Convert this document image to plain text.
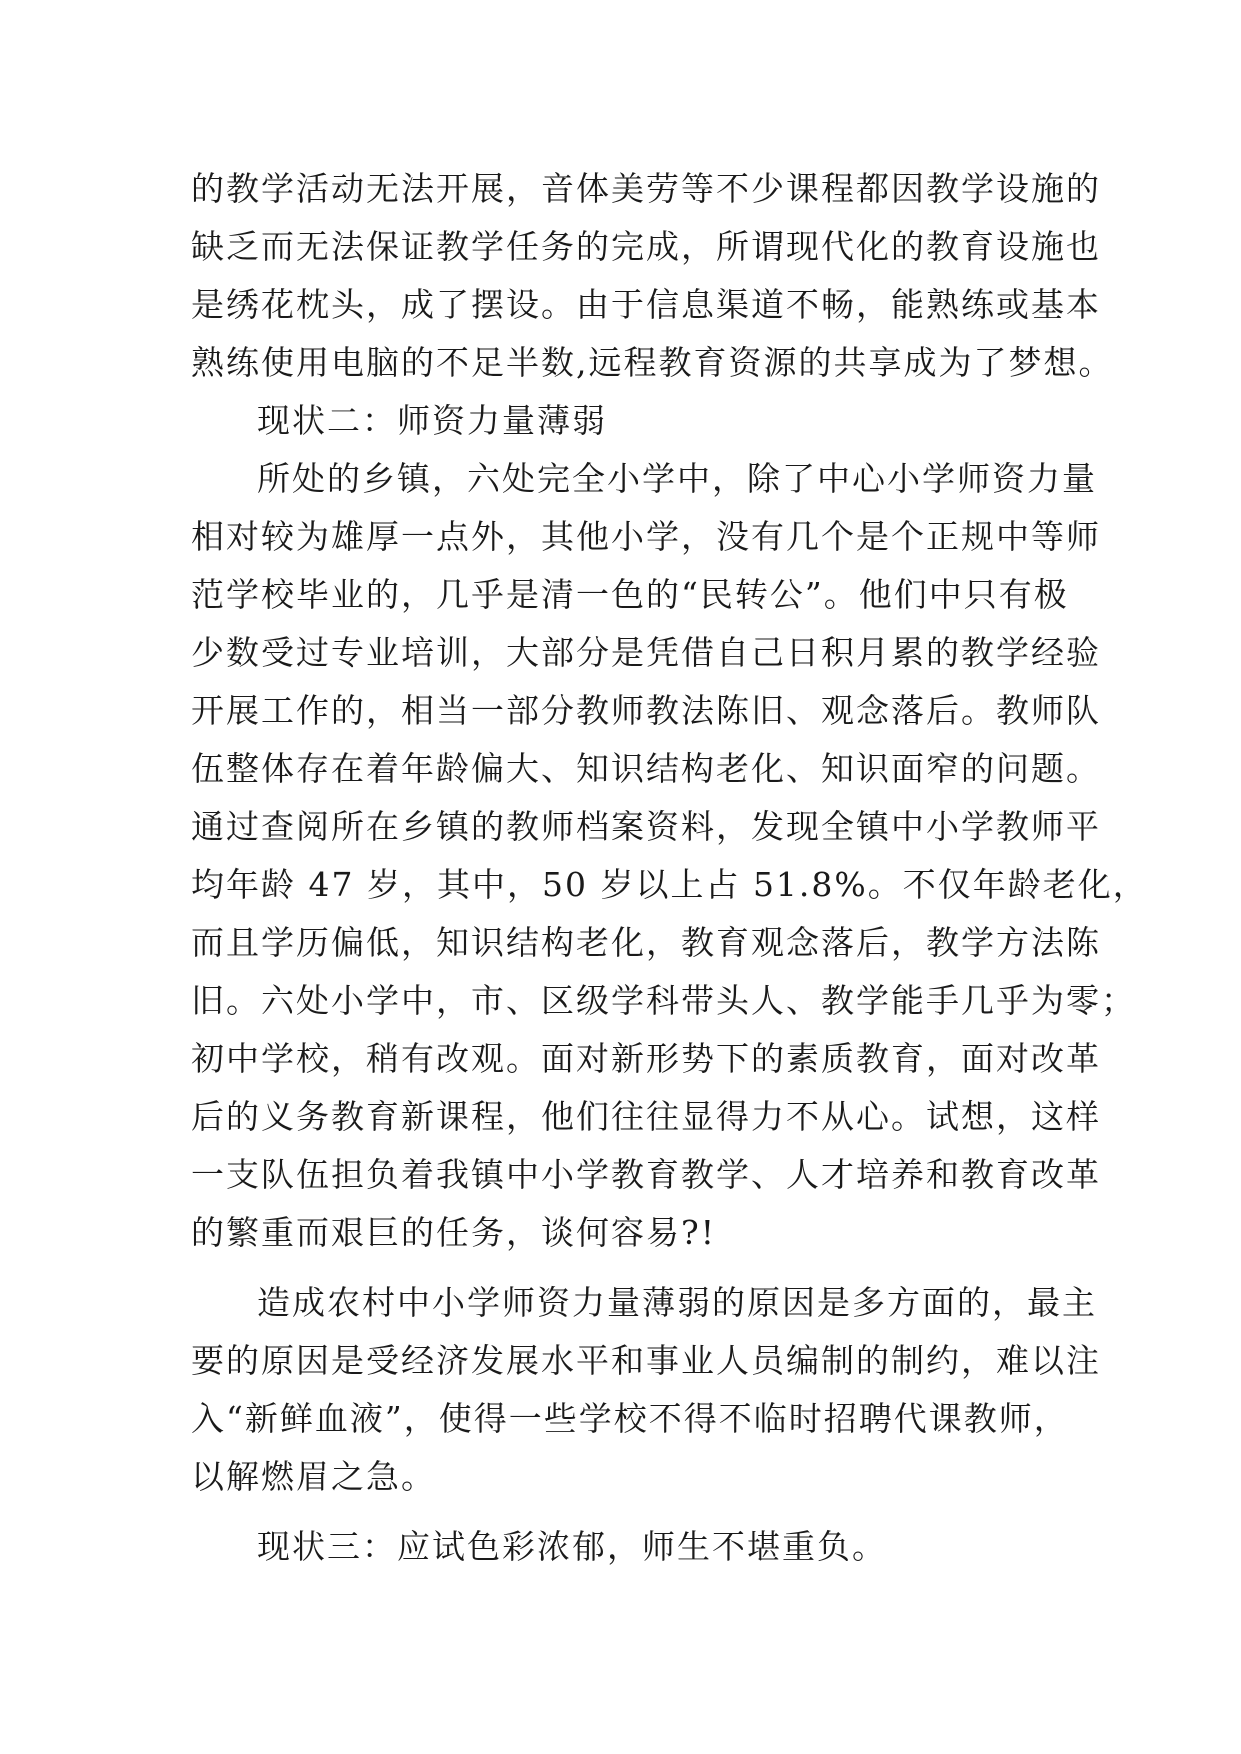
的教学活动无法开展，音体美劳等不少课程都因教学设施的
缺乏而无法保证教学任务的完成，所谓现代化的教育设施也
是绣花枕头，成了摆设。由于信息渠道不畅，能熟练或基本
熟练使用电脑的不足半数,远程教育资源的共享成为了梦想。
现状二：师资力量薄弱
所处的乡镇，六处完全小学中，除了中心小学师资力量
相对较为雄厚一点外，其他小学，没有几个是个正规中等师
范学校毕业的，几乎是清一色的“民转公”。他们中只有极
少数受过专业培训，大部分是凭借自己日积月累的教学经验
开展工作的，相当一部分教师教法陈旧、观念落后。教师队
伍整体存在着年龄偏大、知识结构老化、知识面窄的问题。
通过查阅所在乡镇的教师档案资料，发现全镇中小学教师平
均年龄 47 岁，其中，50 岁以上占 51.8%。不仅年龄老化，
而且学历偏低，知识结构老化，教育观念落后，教学方法陈
旧。六处小学中，市、区级学科带头人、教学能手几乎为零；
初中学校，稍有改观。面对新形势下的素质教育，面对改革
后的义务教育新课程，他们往往显得力不从心。试想，这样
一支队伍担负着我镇中小学教育教学、人才培养和教育改革
的繁重而艰巨的任务，谈何容易?!
造成农村中小学师资力量薄弱的原因是多方面的，最主
要的原因是受经济发展水平和事业人员编制的制约，难以注
入“新鲜血液”，使得一些学校不得不临时招聘代课教师，
以解燃眉之急。
现状三：应试色彩浓郁，师生不堪重负。
